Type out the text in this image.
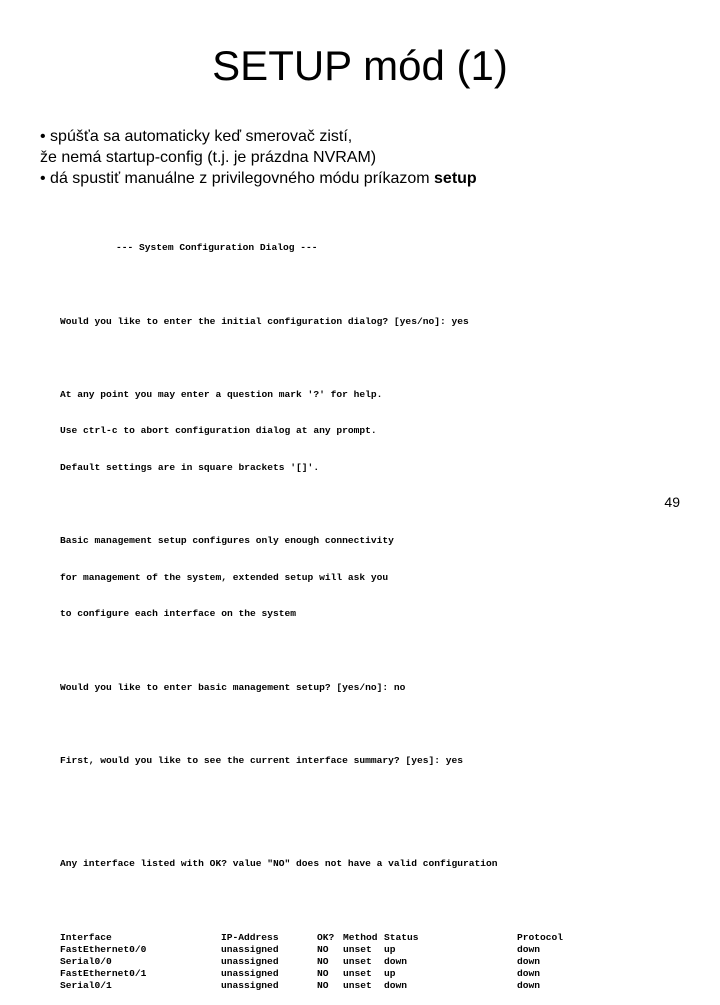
SETUP mód (1)
• spúšťa sa automaticky keď smerovač zistí,
že nemá startup-config (t.j. je prázdna NVRAM)
• dá spustiť manuálne z privilegovného módu príkazom setup

--- System Configuration Dialog ---

Would you like to enter the initial configuration dialog? [yes/no]: yes

At any point you may enter a question mark '?' for help.

Use ctrl-c to abort configuration dialog at any prompt.

Default settings are in square brackets '[]'.

Basic management setup configures only enough connectivity

for management of the system, extended setup will ask you

to configure each interface on the system

Would you like to enter basic management setup? [yes/no]: no

First, would you like to see the current interface summary? [yes]: yes

Any interface listed with OK? value "NO" does not have a valid configuration

Interface	IP-Address	OK?	Method	Status	Protocol
FastEthernet0/0	unassigned	NO	unset	up	down
Serial0/0	unassigned	NO	unset	down	down
FastEthernet0/1	unassigned	NO	unset	up	down
Serial0/1	unassigned	NO	unset	down	down

49
